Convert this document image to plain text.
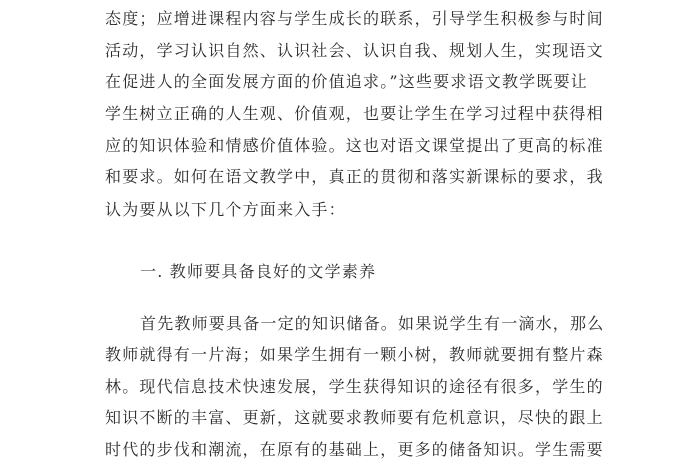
态度；应增进课程内容与学生成长的联系，引导学生积极参与时间
活动，学习认识自然、认识社会、认识自我、规划人生，实现语文
在促进人的全面发展方面的价值追求。”这些要求语文教学既要让
学生树立正确的人生观、价值观，也要让学生在学习过程中获得相
应的知识体验和情感价值体验。这也对语文课堂提出了更高的标准
和要求。如何在语文教学中，真正的贯彻和落实新课标的要求，我
认为要从以下几个方面来入手：
一. 教师要具备良好的文学素养
首先教师要具备一定的知识储备。如果说学生有一滴水，那么
教师就得有一片海；如果学生拥有一颗小树，教师就要拥有整片森
林。现代信息技术快速发展，学生获得知识的途径有很多，学生的
知识不断的丰富、更新，这就要求教师要有危机意识，尽快的跟上
时代的步伐和潮流，在原有的基础上，更多的储备知识。学生需要
